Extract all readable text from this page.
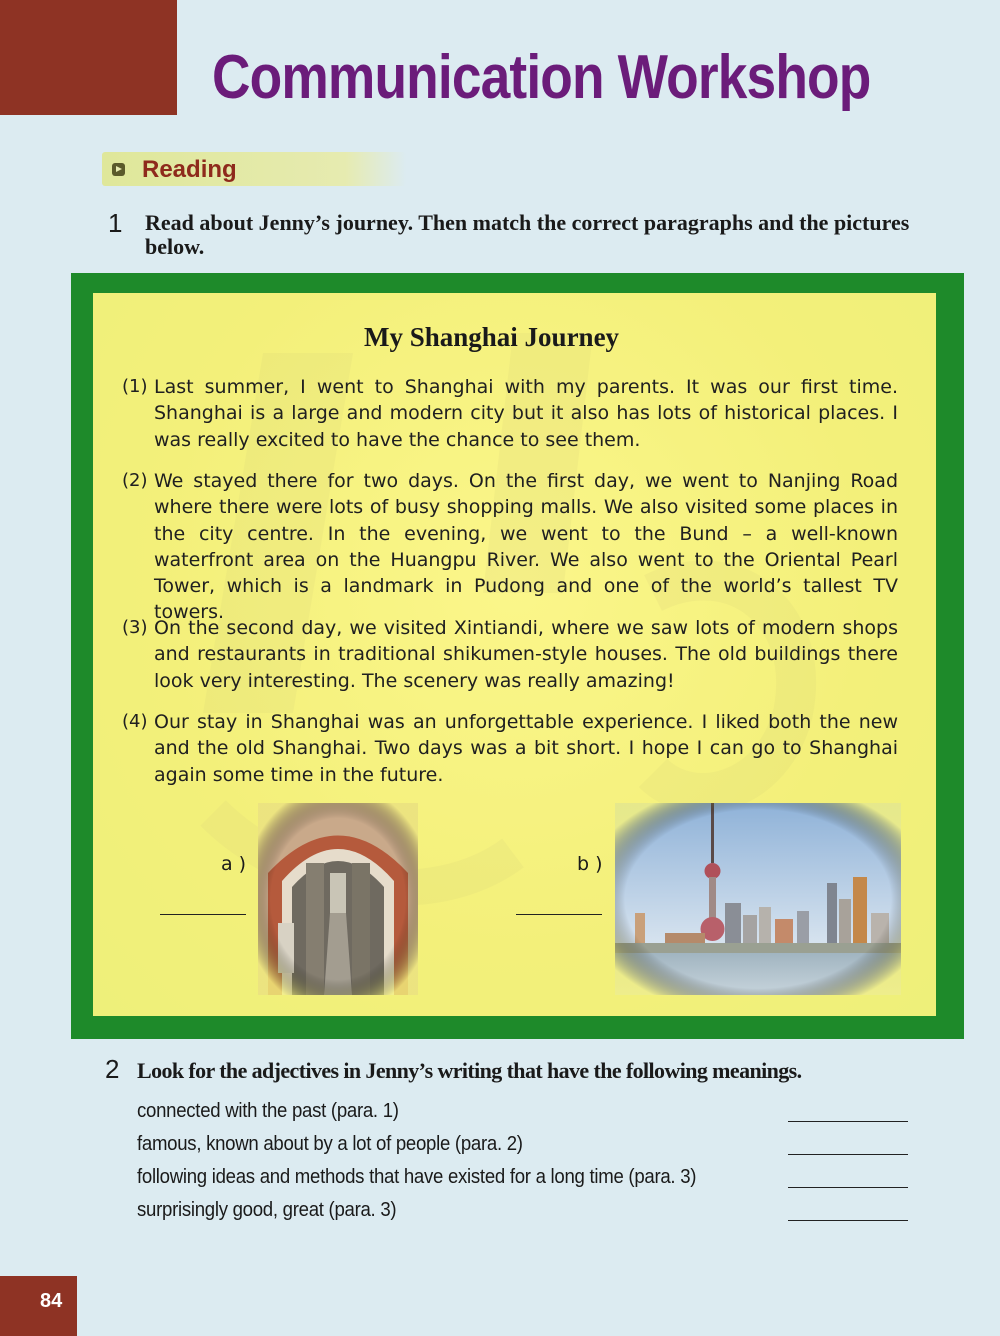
Communication Workshop
Reading
1 Read about Jenny’s journey. Then match the correct paragraphs and the pictures below.
My Shanghai Journey
(1) Last summer, I went to Shanghai with my parents. It was our first time. Shanghai is a large and modern city but it also has lots of historical places. I was really excited to have the chance to see them.
(2) We stayed there for two days. On the first day, we went to Nanjing Road where there were lots of busy shopping malls. We also visited some places in the city centre. In the evening, we went to the Bund – a well-known waterfront area on the Huangpu River. We also went to the Oriental Pearl Tower, which is a landmark in Pudong and one of the world’s tallest TV towers.
(3) On the second day, we visited Xintiandi, where we saw lots of modern shops and restaurants in traditional shikumen-style houses. The old buildings there look very interesting. The scenery was really amazing!
(4) Our stay in Shanghai was an unforgettable experience. I liked both the new and the old Shanghai. Two days was a bit short. I hope I can go to Shanghai again some time in the future.
a )	b )
2 Look for the adjectives in Jenny’s writing that have the following meanings.
connected with the past (para. 1)
famous, known about by a lot of people (para. 2)
following ideas and methods that have existed for a long time (para. 3)
surprisingly good, great (para. 3)
84
